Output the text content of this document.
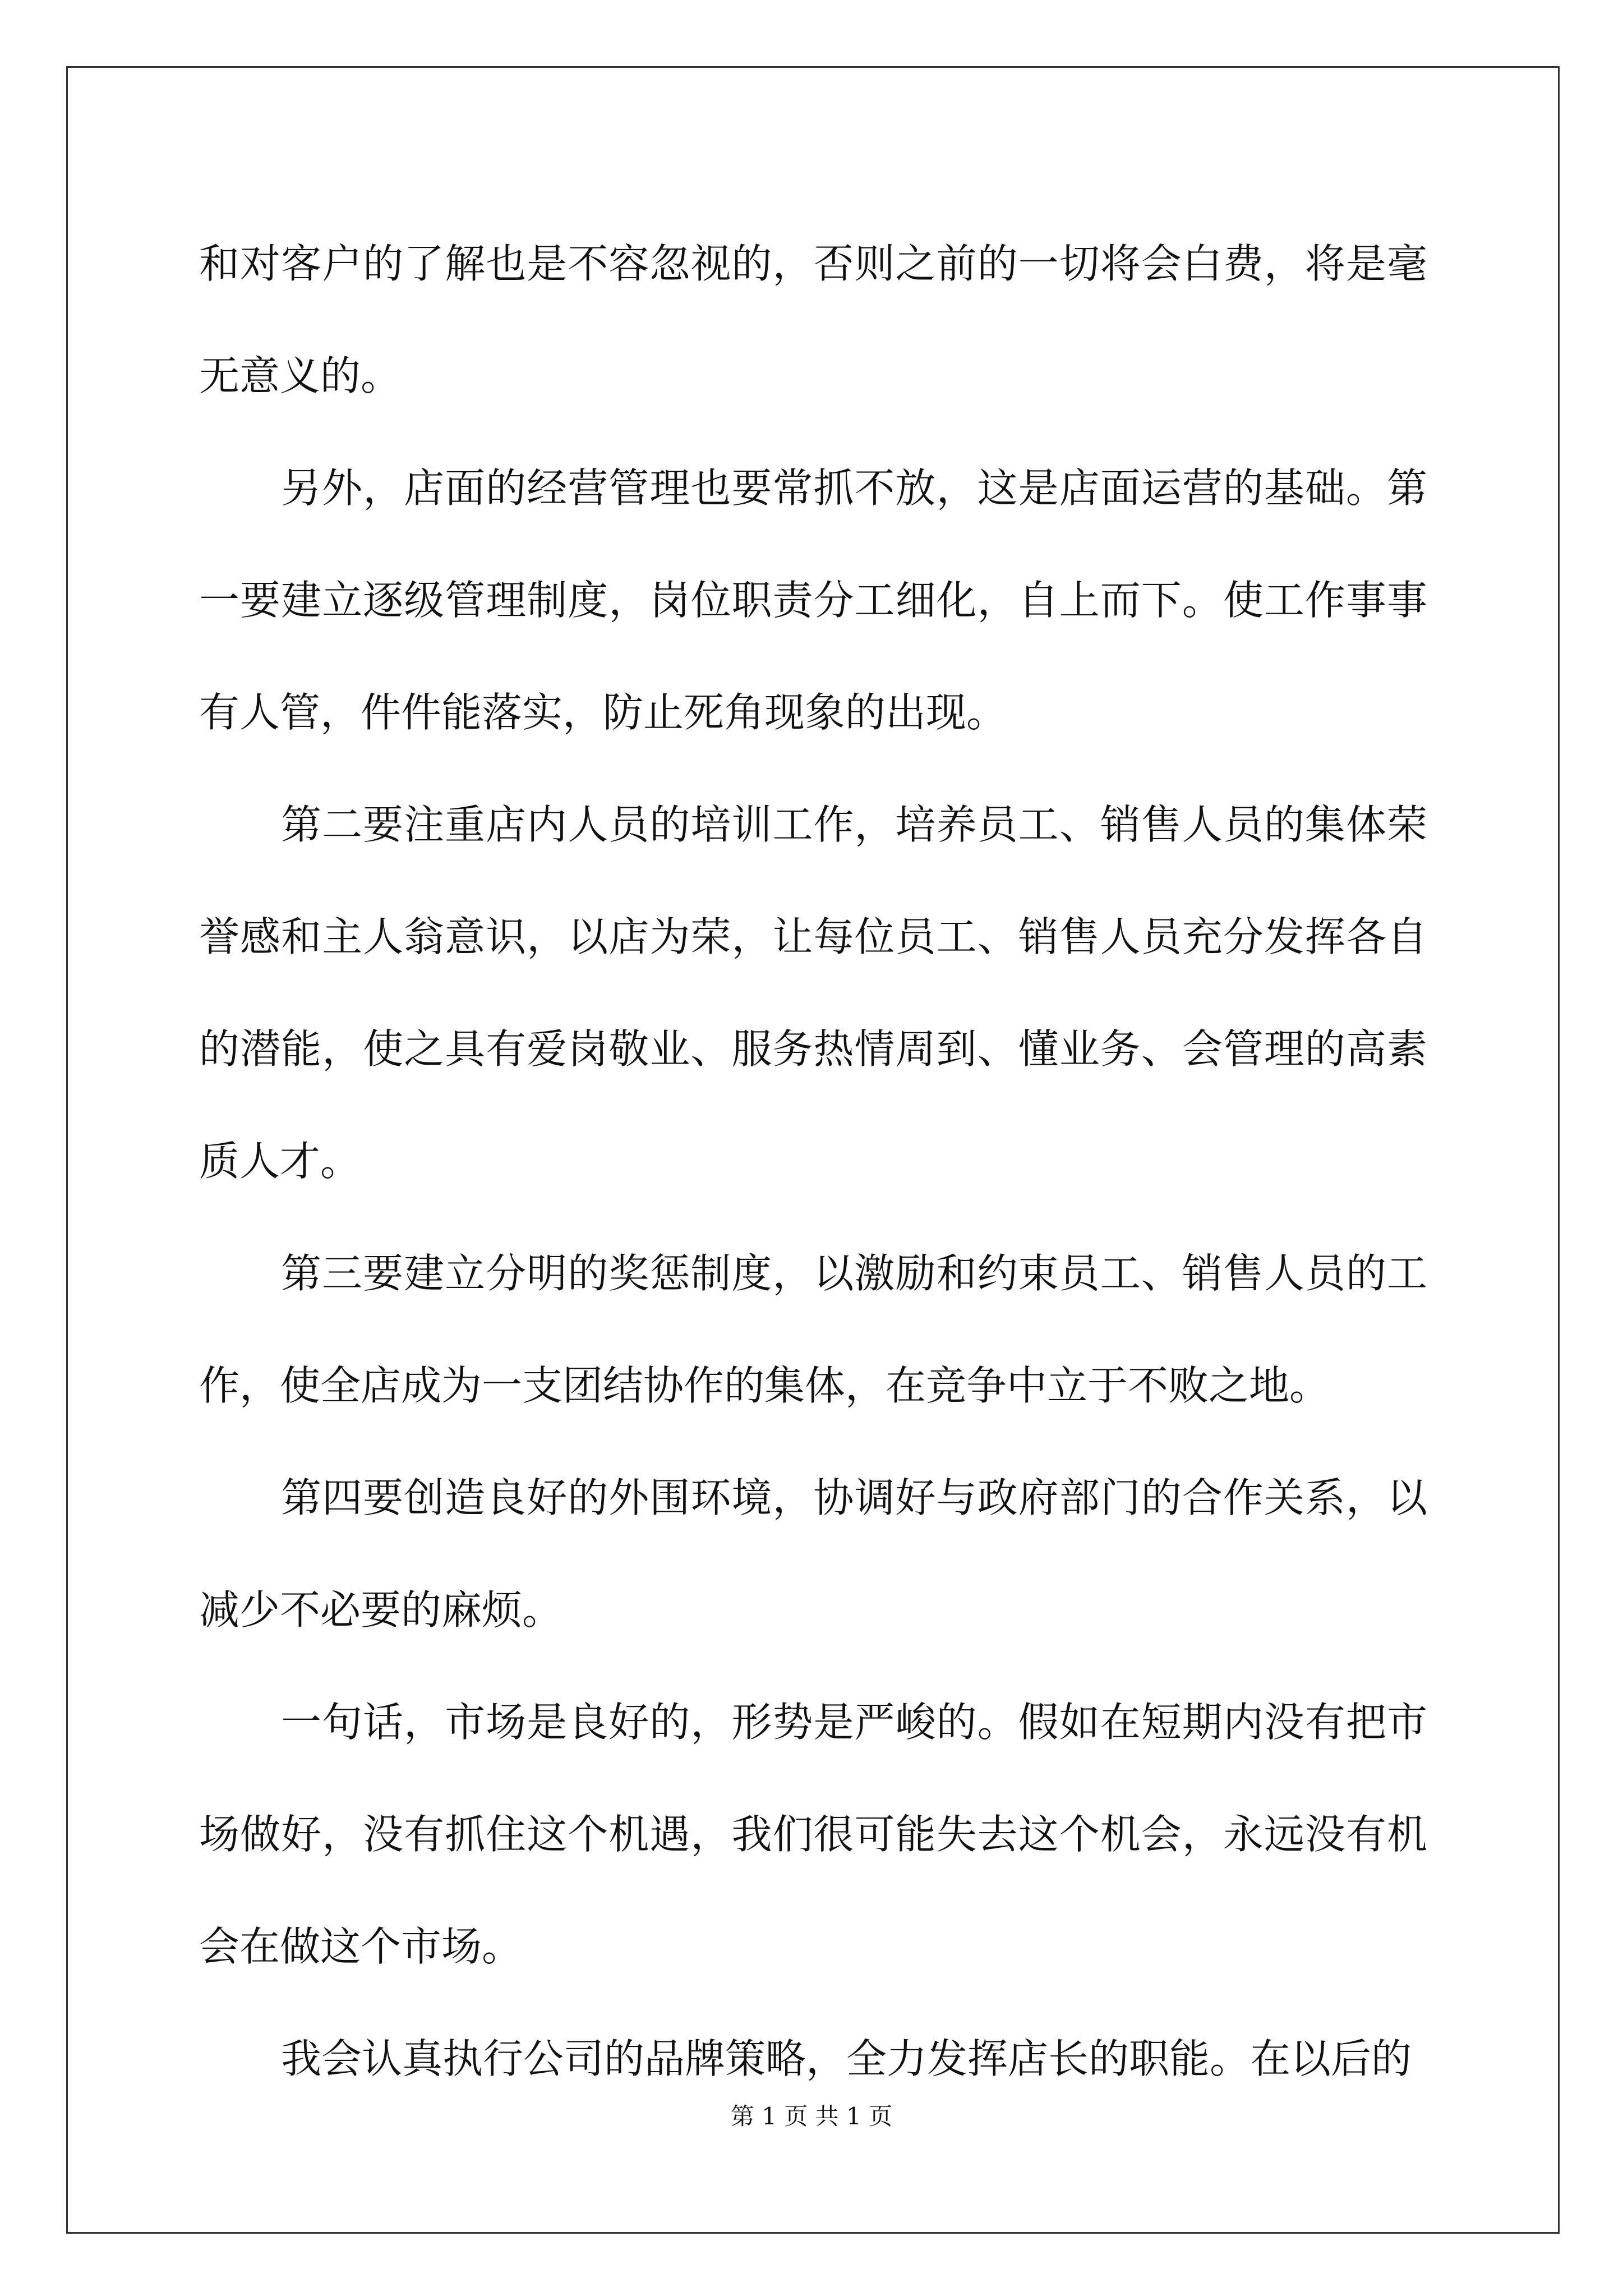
和对客户的了解也是不容忽视的，否则之前的一切将会白费，将是毫无意义的。

另外，店面的经营管理也要常抓不放，这是店面运营的基础。第一要建立逐级管理制度，岗位职责分工细化，自上而下。使工作事事有人管，件件能落实，防止死角现象的出现。

第二要注重店内人员的培训工作，培养员工、销售人员的集体荣誉感和主人翁意识，以店为荣，让每位员工、销售人员充分发挥各自的潜能，使之具有爱岗敬业、服务热情周到、懂业务、会管理的高素质人才。

第三要建立分明的奖惩制度，以激励和约束员工、销售人员的工作，使全店成为一支团结协作的集体，在竞争中立于不败之地。

第四要创造良好的外围环境，协调好与政府部门的合作关系，以减少不必要的麻烦。

一句话，市场是良好的，形势是严峻的。假如在短期内没有把市场做好，没有抓住这个机遇，我们很可能失去这个机会，永远没有机会在做这个市场。

我会认真执行公司的品牌策略，全力发挥店长的职能。在以后的

第 1 页 共 1 页
